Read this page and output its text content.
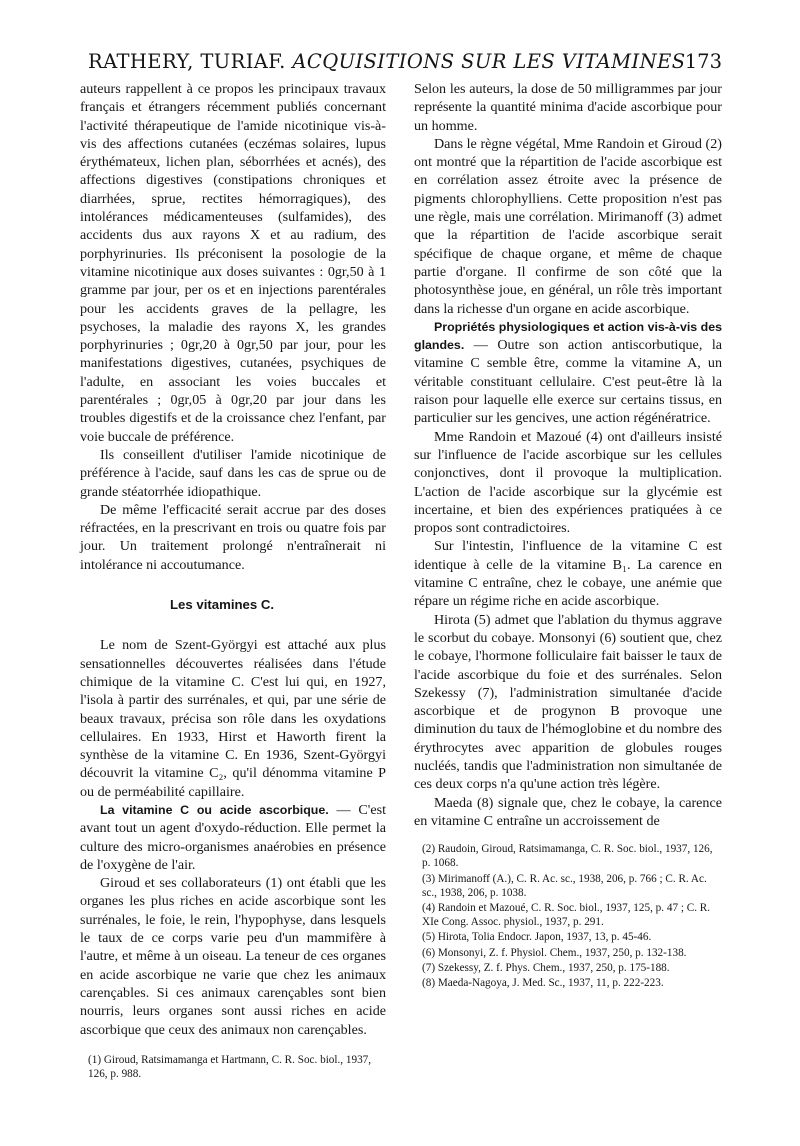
RATHERY, TURIAF. ACQUISITIONS SUR LES VITAMINES 173

auteurs rappellent à ce propos les principaux travaux français et étrangers récemment publiés concernant l'activité thérapeutique de l'amide nicotinique vis-à-vis des affections cutanées (eczémas solaires, lupus érythémateux, lichen plan, séborrhées et acnés), des affections digestives (constipations chroniques et diarrhées, sprue, rectites hémorragiques), des intolérances médicamenteuses (sulfamides), des accidents dus aux rayons X et au radium, des porphyrinuries. Ils préconisent la posologie de la vitamine nicotinique aux doses suivantes : 0gr,50 à 1 gramme par jour, per os et en injections parentérales pour les accidents graves de la pellagre, les psychoses, la maladie des rayons X, les grandes porphyrinuries ; 0gr,20 à 0gr,50 par jour, pour les manifestations digestives, cutanées, psychiques de l'adulte, en associant les voies buccales et parentérales ; 0gr,05 à 0gr,20 par jour dans les troubles digestifs et de la croissance chez l'enfant, par voie buccale de préférence.

Ils conseillent d'utiliser l'amide nicotinique de préférence à l'acide, sauf dans les cas de sprue ou de grande stéatorrhée idiopathique.

De même l'efficacité serait accrue par des doses réfractées, en la prescrivant en trois ou quatre fois par jour. Un traitement prolongé n'entraînerait ni intolérance ni accoutumance.

Les vitamines C.

Le nom de Szent-Györgyi est attaché aux plus sensationnelles découvertes réalisées dans l'étude chimique de la vitamine C. C'est lui qui, en 1927, l'isola à partir des surrénales, et qui, par une série de beaux travaux, précisa son rôle dans les oxydations cellulaires. En 1933, Hirst et Haworth firent la synthèse de la vitamine C. En 1936, Szent-Györgyi découvrit la vitamine C₂, qu'il dénomma vitamine P ou de perméabilité capillaire.

La vitamine C ou acide ascorbique. — C'est avant tout un agent d'oxydo-réduction. Elle permet la culture des micro-organismes anaérobies en présence de l'oxygène de l'air.

Giroud et ses collaborateurs (1) ont établi que les organes les plus riches en acide ascorbique sont les surrénales, le foie, le rein, l'hypophyse, dans lesquels le taux de ce corps varie peu d'un mammifère à l'autre, et même à un oiseau. La teneur de ces organes en acide ascorbique ne varie que chez les animaux carençables. Si ces animaux carençables sont bien nourris, leurs organes sont aussi riches en acide ascorbique que ceux des animaux non carençables.

(1) Giroud, Ratsimamanga et Hartmann, C. R. Soc. biol., 1937, 126, p. 988.

Selon les auteurs, la dose de 50 milligrammes par jour représente la quantité minima d'acide ascorbique pour un homme.

Dans le règne végétal, Mme Randoin et Giroud (2) ont montré que la répartition de l'acide ascorbique est en corrélation assez étroite avec la présence de pigments chlorophylliens. Cette proposition n'est pas une règle, mais une corrélation. Mirimanoff (3) admet que la répartition de l'acide ascorbique serait spécifique de chaque organe, et même de chaque partie d'organe. Il confirme de son côté que la photosynthèse joue, en général, un rôle très important dans la richesse d'un organe en acide ascorbique.

Propriétés physiologiques et action vis-à-vis des glandes. — Outre son action antiscorbutique, la vitamine C semble être, comme la vitamine A, un véritable constituant cellulaire. C'est peut-être là la raison pour laquelle elle exerce sur certains tissus, en particulier sur les gencives, une action régénératrice.

Mme Randoin et Mazoué (4) ont d'ailleurs insisté sur l'influence de l'acide ascorbique sur les cellules conjonctives, dont il provoque la multiplication. L'action de l'acide ascorbique sur la glycémie est incertaine, et bien des expériences pratiquées à ce propos sont contradictoires.

Sur l'intestin, l'influence de la vitamine C est identique à celle de la vitamine B₁. La carence en vitamine C entraîne, chez le cobaye, une anémie que répare un régime riche en acide ascorbique.

Hirota (5) admet que l'ablation du thymus aggrave le scorbut du cobaye. Monsonyi (6) soutient que, chez le cobaye, l'hormone folliculaire fait baisser le taux de l'acide ascorbique du foie et des surrénales. Selon Szekessy (7), l'administration simultanée d'acide ascorbique et de progynon B provoque une diminution du taux de l'hémoglobine et du nombre des érythrocytes avec apparition de globules rouges nucléés, tandis que l'administration non simultanée de ces deux corps n'a qu'une action très légère.

Maeda (8) signale que, chez le cobaye, la carence en vitamine C entraîne un accroissement de

(2) Raudoin, Giroud, Ratsimamanga, C. R. Soc. biol., 1937, 126, p. 1068.

(3) Mirimanoff (A.), C. R. Ac. sc., 1938, 206, p. 766 ; C. R. Ac. sc., 1938, 206, p. 1038.

(4) Randoin et Mazoué, C. R. Soc. biol., 1937, 125, p. 47 ; C. R. XIe Cong. Assoc. physiol., 1937, p. 291.

(5) Hirota, Tolia Endocr. Japon, 1937, 13, p. 45-46.

(6) Monsonyi, Z. f. Physiol. Chem., 1937, 250, p. 132-138.

(7) Szekessy, Z. f. Phys. Chem., 1937, 250, p. 175-188.

(8) Maeda-Nagoya, J. Med. Sc., 1937, 11, p. 222-223.
